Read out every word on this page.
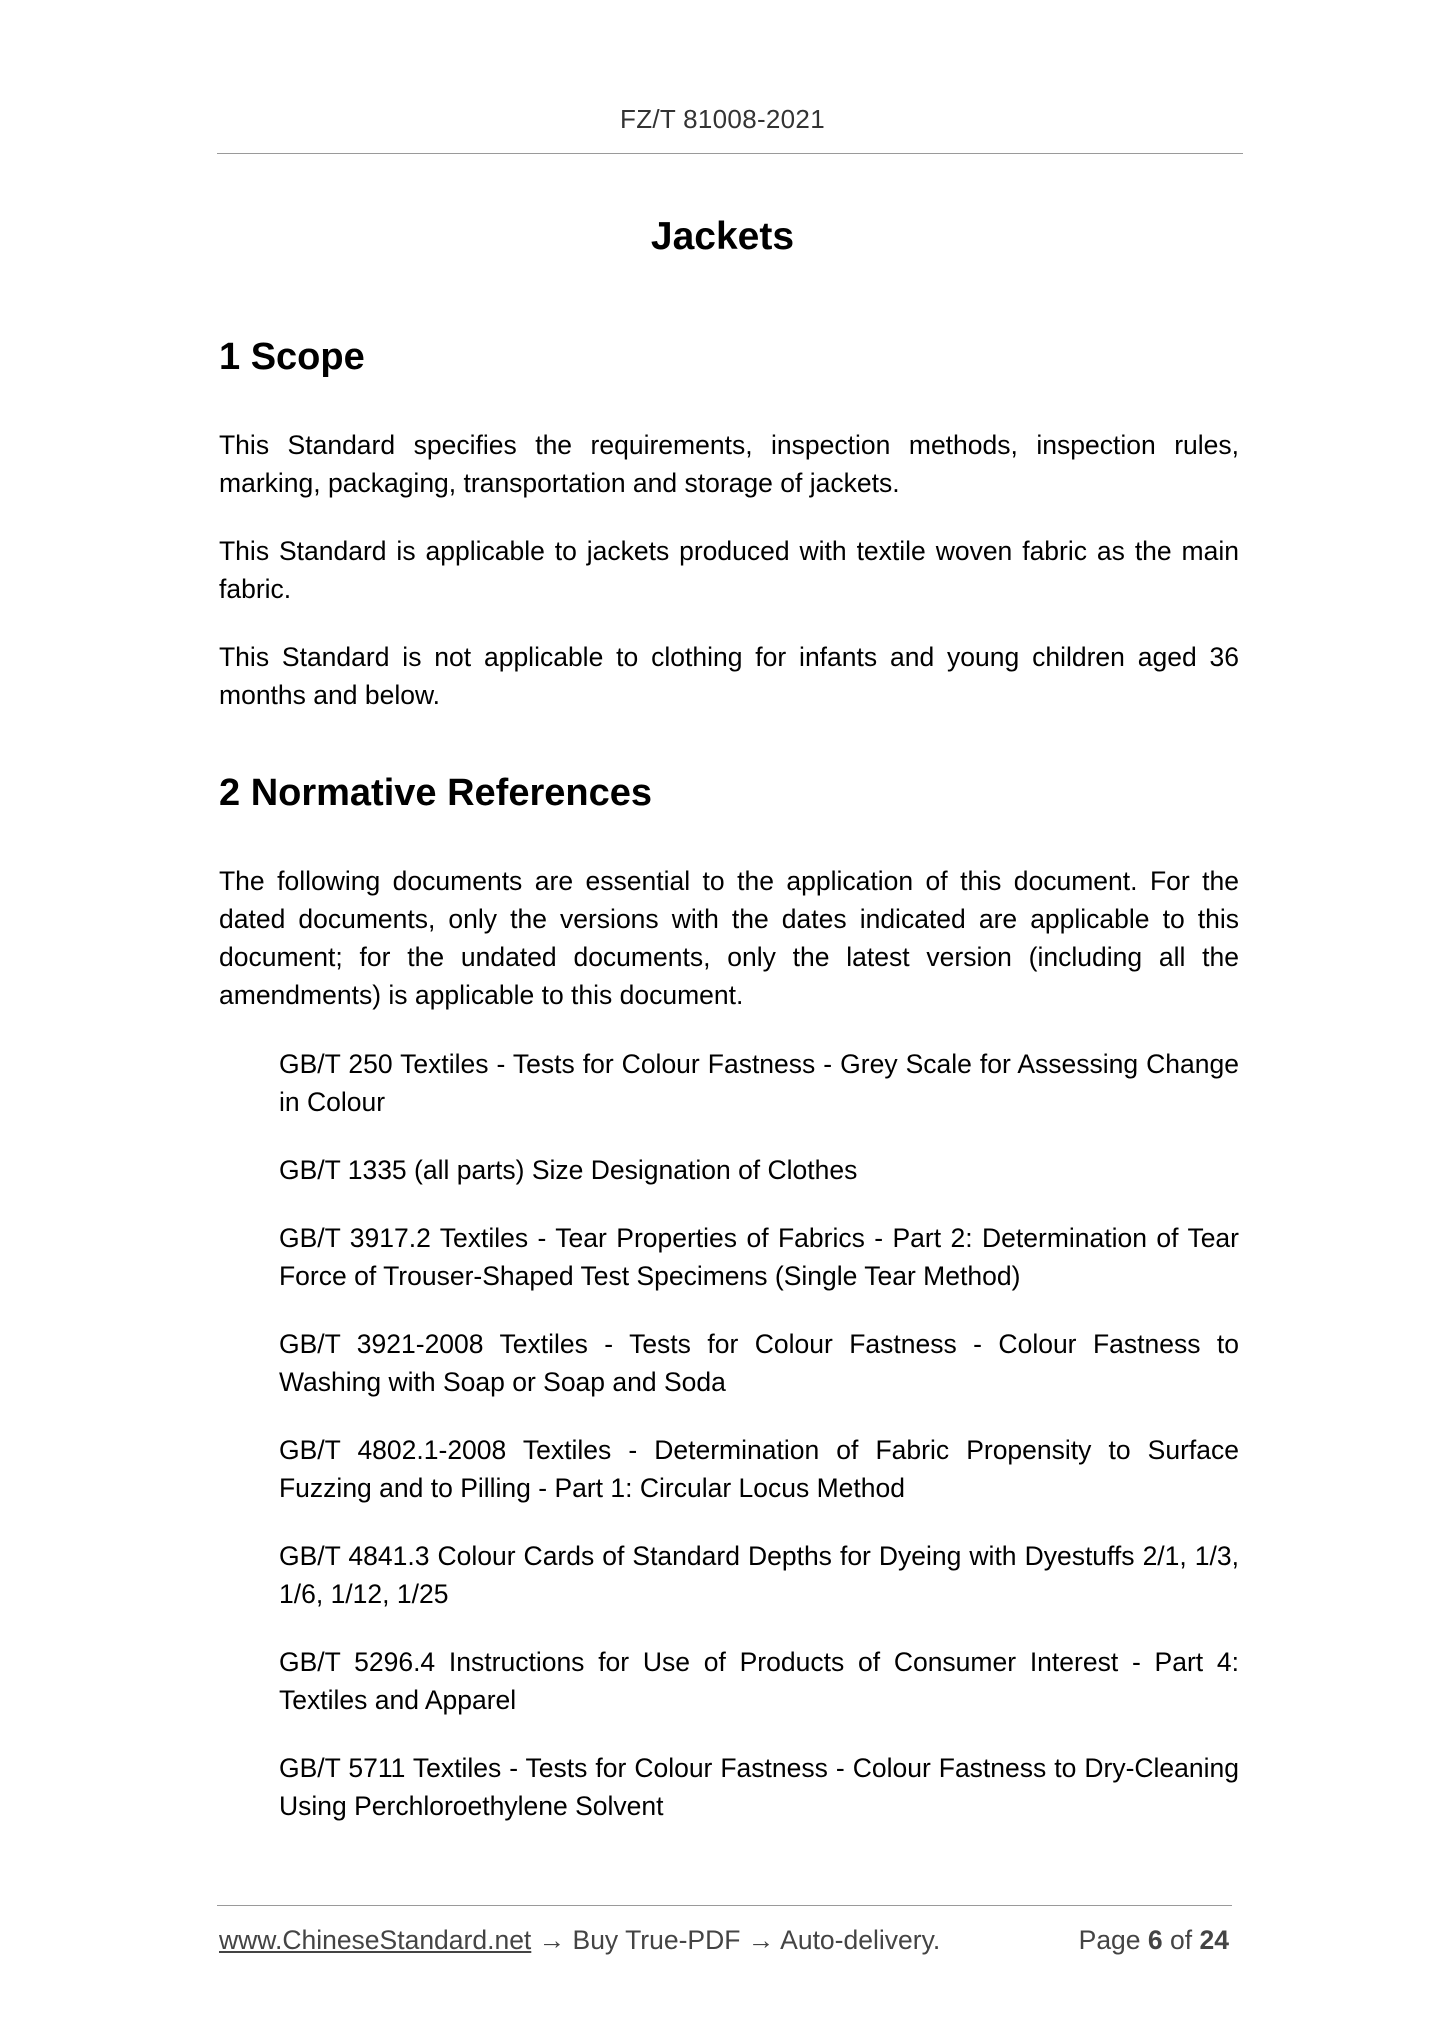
FZ/T 81008-2021
Jackets
1 Scope
This Standard specifies the requirements, inspection methods, inspection rules, marking, packaging, transportation and storage of jackets.
This Standard is applicable to jackets produced with textile woven fabric as the main fabric.
This Standard is not applicable to clothing for infants and young children aged 36 months and below.
2 Normative References
The following documents are essential to the application of this document. For the dated documents, only the versions with the dates indicated are applicable to this document; for the undated documents, only the latest version (including all the amendments) is applicable to this document.
GB/T 250 Textiles - Tests for Colour Fastness - Grey Scale for Assessing Change in Colour
GB/T 1335 (all parts) Size Designation of Clothes
GB/T 3917.2 Textiles - Tear Properties of Fabrics - Part 2: Determination of Tear Force of Trouser-Shaped Test Specimens (Single Tear Method)
GB/T 3921-2008 Textiles - Tests for Colour Fastness - Colour Fastness to Washing with Soap or Soap and Soda
GB/T 4802.1-2008 Textiles - Determination of Fabric Propensity to Surface Fuzzing and to Pilling - Part 1: Circular Locus Method
GB/T 4841.3 Colour Cards of Standard Depths for Dyeing with Dyestuffs 2/1, 1/3, 1/6, 1/12, 1/25
GB/T 5296.4 Instructions for Use of Products of Consumer Interest - Part 4: Textiles and Apparel
GB/T 5711 Textiles - Tests for Colour Fastness - Colour Fastness to Dry-Cleaning Using Perchloroethylene Solvent
www.ChineseStandard.net → Buy True-PDF → Auto-delivery.	Page 6 of 24
